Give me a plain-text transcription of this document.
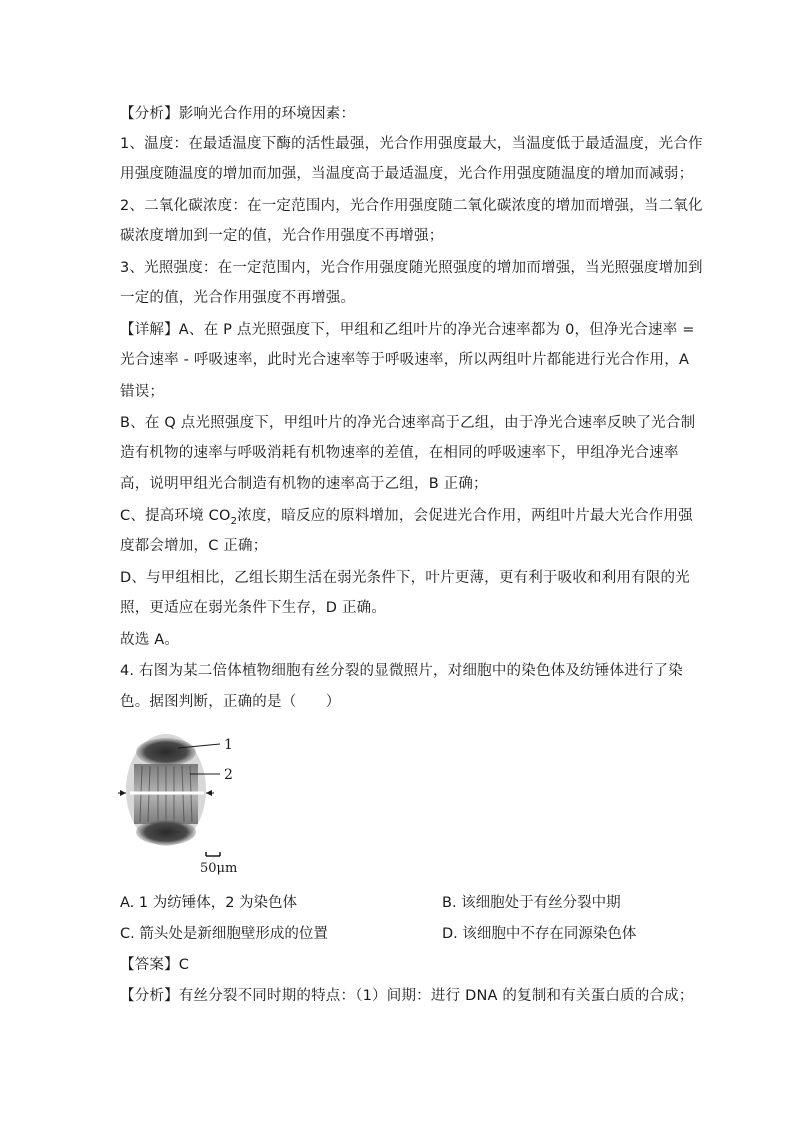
【分析】影响光合作用的环境因素：
1、温度：在最适温度下酶的活性最强，光合作用强度最大，当温度低于最适温度，光合作
用强度随温度的增加而加强，当温度高于最适温度，光合作用强度随温度的增加而减弱；
2、二氧化碳浓度：在一定范围内，光合作用强度随二氧化碳浓度的增加而增强，当二氧化
碳浓度增加到一定的值，光合作用强度不再增强；
3、光照强度：在一定范围内，光合作用强度随光照强度的增加而增强，当光照强度增加到
一定的值，光合作用强度不再增强。
【详解】A、在 P 点光照强度下，甲组和乙组叶片的净光合速率都为 0，但净光合速率 =
光合速率 - 呼吸速率，此时光合速率等于呼吸速率，所以两组叶片都能进行光合作用，A
错误；
B、在 Q 点光照强度下，甲组叶片的净光合速率高于乙组，由于净光合速率反映了光合制
造有机物的速率与呼吸消耗有机物速率的差值，在相同的呼吸速率下，甲组净光合速率
高，说明甲组光合制造有机物的速率高于乙组，B 正确；
C、提高环境 $CO_2$浓度，暗反应的原料增加，会促进光合作用，两组叶片最大光合作用强
度都会增加，C 正确；
D、与甲组相比，乙组长期生活在弱光条件下，叶片更薄，更有利于吸收和利用有限的光
照，更适应在弱光条件下生存，D 正确。
故选 A。
4. 右图为某二倍体植物细胞有丝分裂的显微照片，对细胞中的染色体及纺锤体进行了染
色。据图判断，正确的是（　　）
1
2
50μm
A. 1 为纺锤体，2 为染色体	B. 该细胞处于有丝分裂中期
C. 箭头处是新细胞壁形成的位置	D. 该细胞中不存在同源染色体
【答案】C
【分析】有丝分裂不同时期的特点：（1）间期：进行 DNA 的复制和有关蛋白质的合成；
